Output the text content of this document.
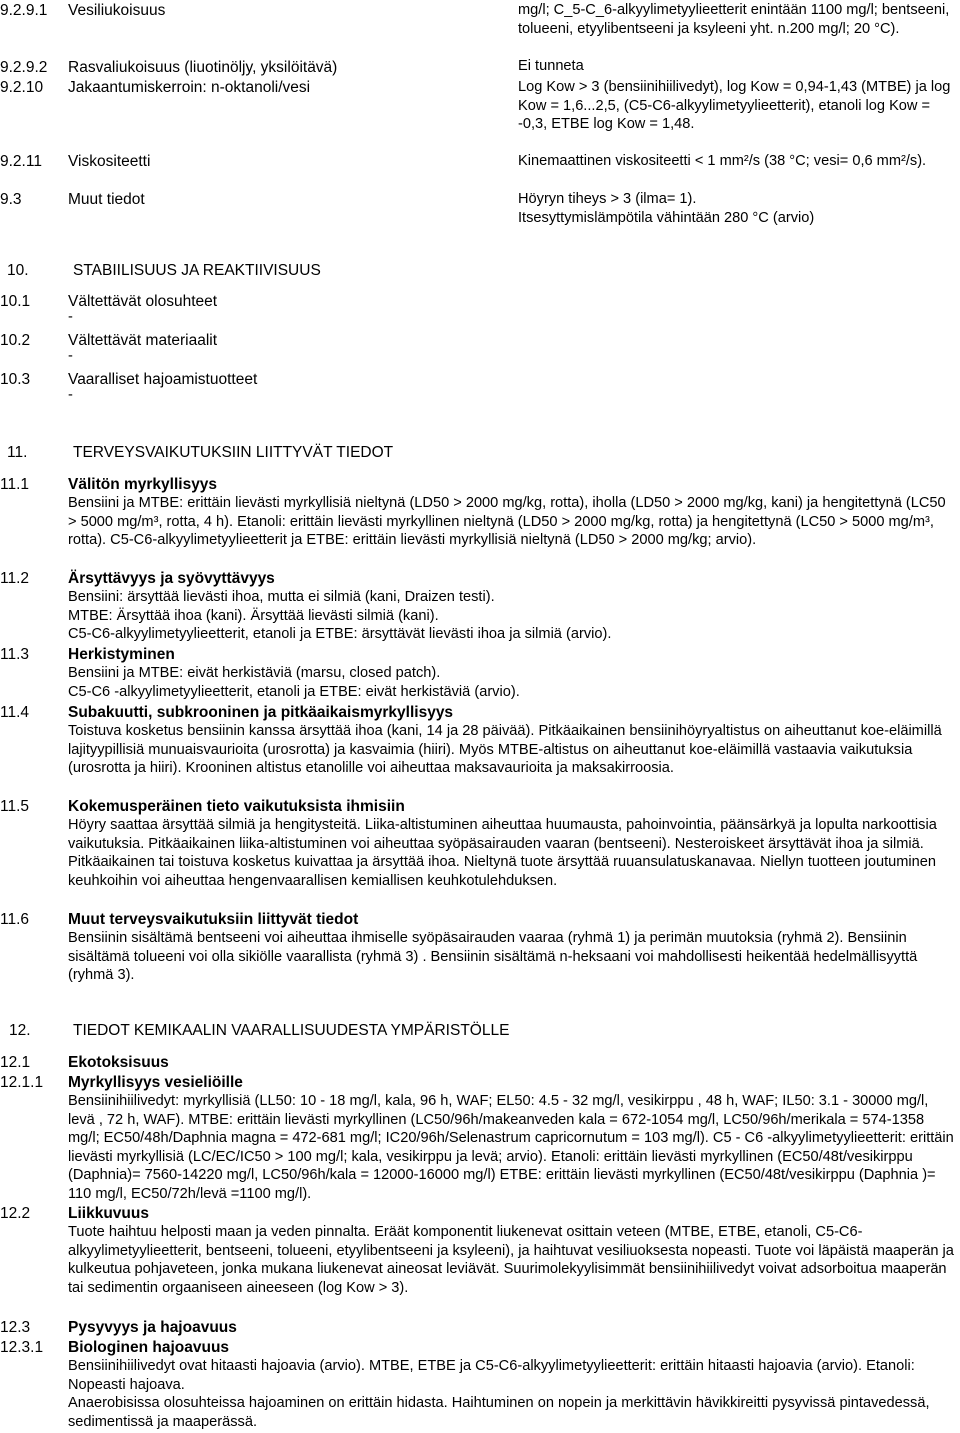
9.2.9.1 Vesiliukoisuus	mg/l; C_5-C_6-alkyylimetyylieetterit enintään 1100 mg/l; bentseeni, tolueeni, etyylibentseeni ja ksyleeni yht. n.200 mg/l; 20 °C).
9.2.9.2 Rasvaliukoisuus (liuotinöljy, yksilöitävä)	Ei tunneta
9.2.10 Jakaantumiskerroin: n-oktanoli/vesi	Log Kow > 3 (bensiinihiilivedyt), log Kow = 0,94-1,43 (MTBE) ja log Kow = 1,6...2,5, (C5-C6-alkyylimetyylieetterit), etanoli log Kow = -0,3, ETBE log Kow = 1,48.
9.2.11 Viskositeetti	Kinemaattinen viskositeetti < 1 mm²/s (38 °C; vesi= 0,6 mm²/s).
9.3	Muut tiedot	Höyryn tiheys > 3 (ilma= 1).
Itsesyttymislämpötila vähintään 280 °C (arvio)
10.	STABIILISUUS JA REAKTIIVISUUS
10.1 Vältettävät olosuhteet
-
10.2 Vältettävät materiaalit
-
10.3 Vaaralliset hajoamistuotteet
-
11.	TERVEYSVAIKUTUKSIIN LIITTYVÄT TIEDOT
11.1	Välitön myrkyllisyys
Bensiini ja MTBE: erittäin lievästi myrkyllisiä nieltynä (LD50 > 2000 mg/kg, rotta), iholla (LD50 > 2000 mg/kg, kani) ja hengitettynä (LC50 > 5000 mg/m³, rotta, 4 h). Etanoli: erittäin lievästi myrkyllinen nieltynä (LD50 > 2000 mg/kg, rotta) ja hengitettynä (LC50 > 5000 mg/m³, rotta). C5-C6-alkyylimetyylieetterit ja ETBE: erittäin lievästi myrkyllisiä nieltynä (LD50 > 2000 mg/kg; arvio).
11.2	Ärsyttävyys ja syövyttävyys
Bensiini: ärsyttää lievästi ihoa, mutta ei silmiä (kani, Draizen testi).
MTBE: Ärsyttää ihoa (kani). Ärsyttää lievästi silmiä (kani).
C5-C6-alkyylimetyylieetterit, etanoli ja ETBE: ärsyttävät lievästi ihoa ja silmiä (arvio).
11.3	Herkistyminen
Bensiini ja MTBE: eivät herkistäviä (marsu, closed patch).
C5-C6 -alkyylimetyylieetterit, etanoli ja ETBE: eivät herkistäviä (arvio).
11.4	Subakuutti, subkrooninen ja pitkäaikaismyrkyllisyys
Toistuva kosketus bensiinin kanssa ärsyttää ihoa (kani, 14 ja 28 päivää). Pitkäaikainen bensiinihöyryaltistus on aiheuttanut koe-eläimillä lajityypillisiä munuaisvaurioita (urosrotta) ja kasvaimia (hiiri). Myös MTBE-altistus on aiheuttanut koe-eläimillä vastaavia vaikutuksia (urosrotta ja hiiri). Krooninen altistus etanolille voi aiheuttaa maksavaurioita ja maksakirroosia.
11.5	Kokemusperäinen tieto vaikutuksista ihmisiin
Höyry saattaa ärsyttää silmiä ja hengitysteitä. Liika-altistuminen aiheuttaa huumausta, pahoinvointia, päänsärkyä ja lopulta narkoottisia vaikutuksia. Pitkäaikainen liika-altistuminen voi aiheuttaa syöpäsairauden vaaran (bentseeni). Nesteroiskeet ärsyttävät ihoa ja silmiä. Pitkäaikainen tai toistuva kosketus kuivattaa ja ärsyttää ihoa. Nieltynä tuote ärsyttää ruuansulatuskanavaa. Niellyn tuotteen joutuminen keuhkoihin voi aiheuttaa hengenvaarallisen kemiallisen keuhkotulehduksen.
11.6	Muut terveysvaikutuksiin liittyvät tiedot
Bensiinin sisältämä bentseeni voi aiheuttaa ihmiselle syöpäsairauden vaaraa (ryhmä 1) ja perimän muutoksia (ryhmä 2). Bensiinin sisältämä tolueeni voi olla sikiölle vaarallista (ryhmä 3) . Bensiinin sisältämä n-heksaani voi mahdollisesti heikentää hedelmällisyyttä (ryhmä 3).
12.	TIEDOT KEMIKAALIN VAARALLISUUDESTA YMPÄRISTÖLLE
12.1 Ekotoksisuus
12.1.1 Myrkyllisyys vesieliöille
Bensiinihiilivedyt: myrkyllisiä (LL50: 10 - 18 mg/l, kala, 96 h, WAF; EL50: 4.5 - 32 mg/l, vesikirppu , 48 h, WAF; IL50: 3.1 - 30000 mg/l, levä , 72 h, WAF). MTBE: erittäin lievästi myrkyllinen (LC50/96h/makeanveden kala = 672-1054 mg/l, LC50/96h/merikala = 574-1358 mg/l; EC50/48h/Daphnia magna = 472-681 mg/l; IC20/96h/Selenastrum capricornutum = 103 mg/l). C5 - C6 -alkyylimetyylieetterit: erittäin lievästi myrkyllisiä (LC/EC/IC50 > 100 mg/l; kala, vesikirppu ja levä; arvio). Etanoli: erittäin lievästi myrkyllinen (EC50/48t/vesikirppu (Daphnia)= 7560-14220 mg/l, LC50/96h/kala = 12000-16000 mg/l) ETBE: erittäin lievästi myrkyllinen (EC50/48t/vesikirppu (Daphnia )= 110 mg/l, EC50/72h/levä =1100 mg/l).
12.2 Liikkuvuus
Tuote haihtuu helposti maan ja veden pinnalta. Eräät komponentit liukenevat osittain veteen (MTBE, ETBE, etanoli, C5-C6-alkyylimetyylieetterit, bentseeni, tolueeni, etyylibentseeni ja ksyleeni), ja haihtuvat vesiliuoksesta nopeasti. Tuote voi läpäistä maaperän ja kulkeutua pohjaveteen, jonka mukana liukenevat aineosat leviävät. Suurimolekyylisimmät bensiinihiilivedyt voivat adsorboitua maaperän tai sedimentin orgaaniseen aineeseen (log Kow > 3).
12.3 Pysyvyys ja hajoavuus
12.3.1 Biologinen hajoavuus
Bensiinihiilivedyt ovat hitaasti hajoavia (arvio). MTBE, ETBE ja C5-C6-alkyylimetyylieetterit: erittäin hitaasti hajoavia (arvio). Etanoli: Nopeasti hajoava.
Anaerobisissa olosuhteissa hajoaminen on erittäin hidasta. Haihtuminen on nopein ja merkittävin hävikkireitti pysyvissä pintavedessä, sedimentissä ja maaperässä.
